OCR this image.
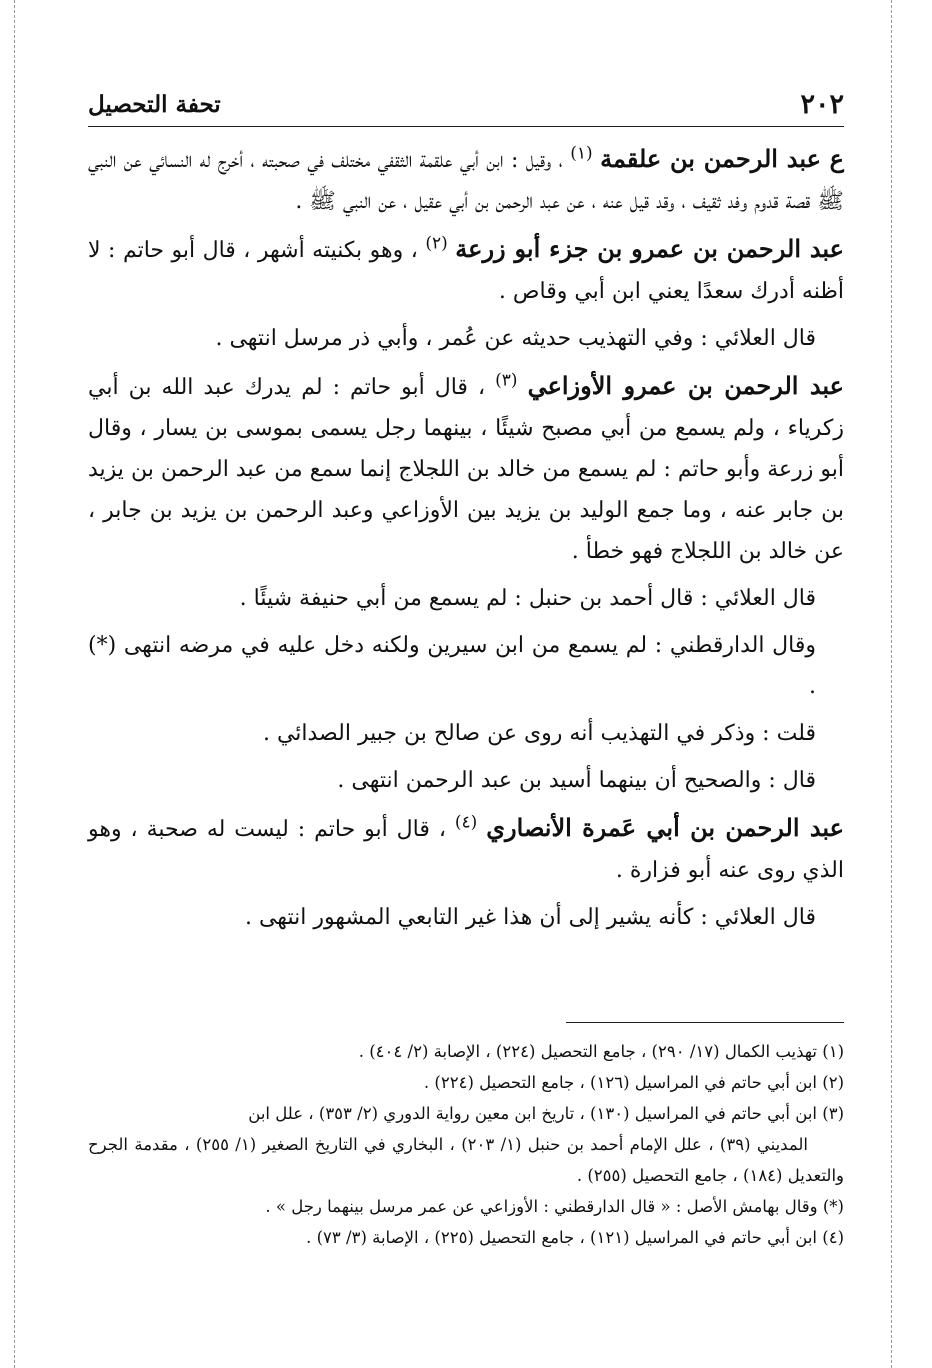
٢٠٢
تحفة التحصيل

ع عبد الرحمن بن علقمة $^{(١)}$ ، وقيل : ابن أبي علقمة الثقفي مختلف في صحبته ، أخرج له النسائي عن النبي ﷺ قصة قدوم وفد ثقيف ، وقد قيل عنه ، عن عبد الرحمن بن أبي عقيل ، عن النبي ﷺ .

عبد الرحمن بن عمرو بن جزء أبو زرعة $^{(٢)}$ ، وهو بكنيته أشهر ، قال أبو حاتم : لا أظنه أدرك سعدًا يعني ابن أبي وقاص .

قال العلائي : وفي التهذيب حديثه عن عُمر ، وأبي ذر مرسل انتهى .

عبد الرحمن بن عمرو الأوزاعي $^{(٣)}$ ، قال أبو حاتم : لم يدرك عبد الله بن أبي زكرياء ، ولم يسمع من أبي مصبح شيئًا ، بينهما رجل يسمى بموسى بن يسار ، وقال أبو زرعة وأبو حاتم : لم يسمع من خالد بن اللجلاج إنما سمع من عبد الرحمن بن يزيد بن جابر عنه ، وما جمع الوليد بن يزيد بين الأوزاعي وعبد الرحمن بن يزيد بن جابر ، عن خالد بن اللجلاج فهو خطأ .

قال العلائي : قال أحمد بن حنبل : لم يسمع من أبي حنيفة شيئًا .

وقال الدارقطني : لم يسمع من ابن سيرين ولكنه دخل عليه في مرضه انتهى (*) .

قلت : وذكر في التهذيب أنه روى عن صالح بن جبير الصدائي .

قال : والصحيح أن بينهما أسيد بن عبد الرحمن انتهى .

عبد الرحمن بن أبي عَمرة الأنصاري $^{(٤)}$ ، قال أبو حاتم : ليست له صحبة ، وهو الذي روى عنه أبو فزارة .

قال العلائي : كأنه يشير إلى أن هذا غير التابعي المشهور انتهى .

(١) تهذيب الكمال (١٧/ ٢٩٠) ، جامع التحصيل (٢٢٤) ، الإصابة (٢/ ٤٠٤) .

(٢) ابن أبي حاتم في المراسيل (١٢٦) ، جامع التحصيل (٢٢٤) .

(٣) ابن أبي حاتم في المراسيل (١٣٠) ، تاريخ ابن معين رواية الدوري (٢/ ٣٥٣) ، علل ابن
المديني (٣٩) ، علل الإمام أحمد بن حنبل (١/ ٢٠٣) ، البخاري في التاريخ الصغير (١/ ٢٥٥) ، مقدمة الجرح والتعديل (١٨٤) ، جامع التحصيل (٢٥٥) .

(*) وقال بهامش الأصل : « قال الدارقطني : الأوزاعي عن عمر مرسل بينهما رجل » .

(٤) ابن أبي حاتم في المراسيل (١٢١) ، جامع التحصيل (٢٢٥) ، الإصابة (٣/ ٧٣) .
